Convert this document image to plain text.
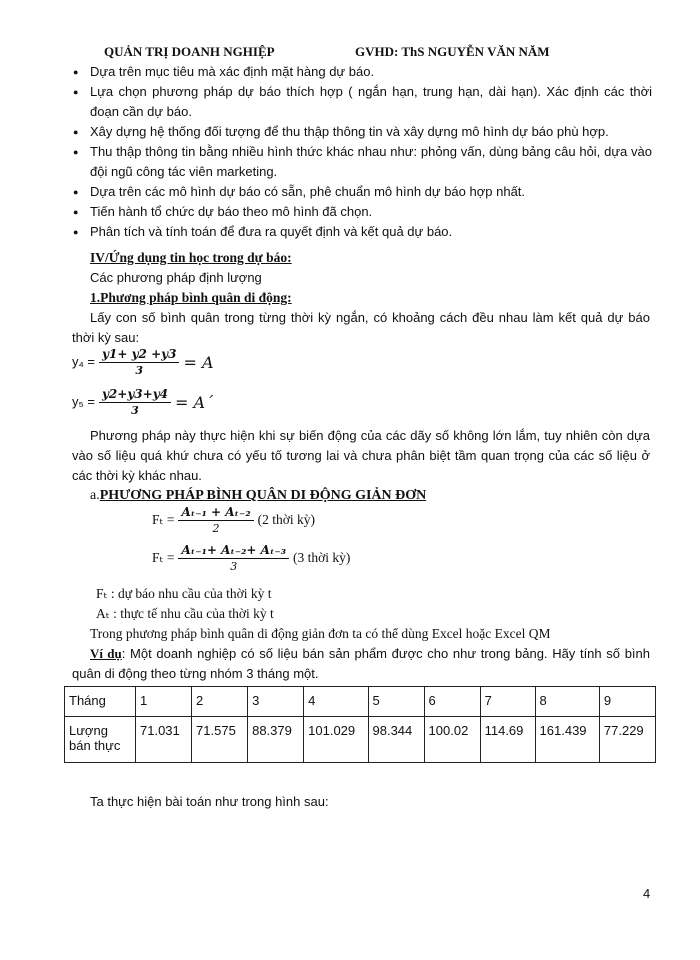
QUẢN TRỊ DOANH NGHIỆP	GVHD: ThS NGUYỄN VĂN NĂM

● Dựa trên mục tiêu mà xác định mặt hàng dự báo.

● Lựa chọn phương pháp dự báo thích hợp ( ngắn hạn, trung hạn, dài hạn). Xác định các thời đoạn cần dự báo.

● Xây dựng hệ thống đối tượng để thu thập thông tin và xây dựng mô hình dự báo phù hợp.

● Thu thập thông tin bằng nhiều hình thức khác nhau như: phỏng vấn, dùng bảng câu hỏi, dựa vào đội ngũ công tác viên marketing.

● Dựa trên các mô hình dự báo có sẵn, phê chuẩn mô hình dự báo hợp nhất.

● Tiến hành tổ chức dự báo theo mô hình đã chọn.

● Phân tích và tính toán để đưa ra quyết định và kết quả dự báo.

IV/Ứng dụng tin học trong dự báo:
Các phương pháp định lượng
1.Phương pháp bình quân di động:
Lấy con số bình quân trong từng thời kỳ ngắn, có khoảng cách đều nhau làm kết quả dự báo thời kỳ sau:
$y_4 = \frac{y1+ y2 +y3}{3} = A$
$y_5 = \frac{y2+y3+y4}{3}$ = A´
Phương pháp này thực hiện khi sự biến động của các dãy số không lớn lắm, tuy nhiên còn dựa vào số liệu quá khứ chưa có yếu tố tương lai và chưa phân biệt tầm quan trọng của các số liệu ở các thời kỳ khác nhau.
a.PHƯƠNG PHÁP BÌNH QUÂN DI ĐỘNG GIẢN ĐƠN
$F_t = \frac{\text{Aₜ₋₁ + Aₜ₋₂}}{2} (2$ thời kỳ)
$F_t = \frac{\text{Aₜ₋₁+ Aₜ₋₂+ Aₜ₋₃}}{3} (3$ thời kỳ)
Fₜ : dự báo nhu cầu của thời kỳ t
Aₜ : thực tế nhu cầu của thời kỳ t
Trong phương pháp bình quân di động giản đơn ta có thể dùng Excel hoặc Excel QM
Ví dụ: Một doanh nghiệp có số liệu bán sản phẩm được cho như trong bảng. Hãy tính số bình quân di động theo từng nhóm 3 tháng một.
Tháng	1	2	3	4	5	6	7	8	9
Lượng bán thực	71.031	71.575	88.379	101.029	98.344	100.02	114.69	161.439	77.229
Ta thực hiện bài toán như trong hình sau:
4
